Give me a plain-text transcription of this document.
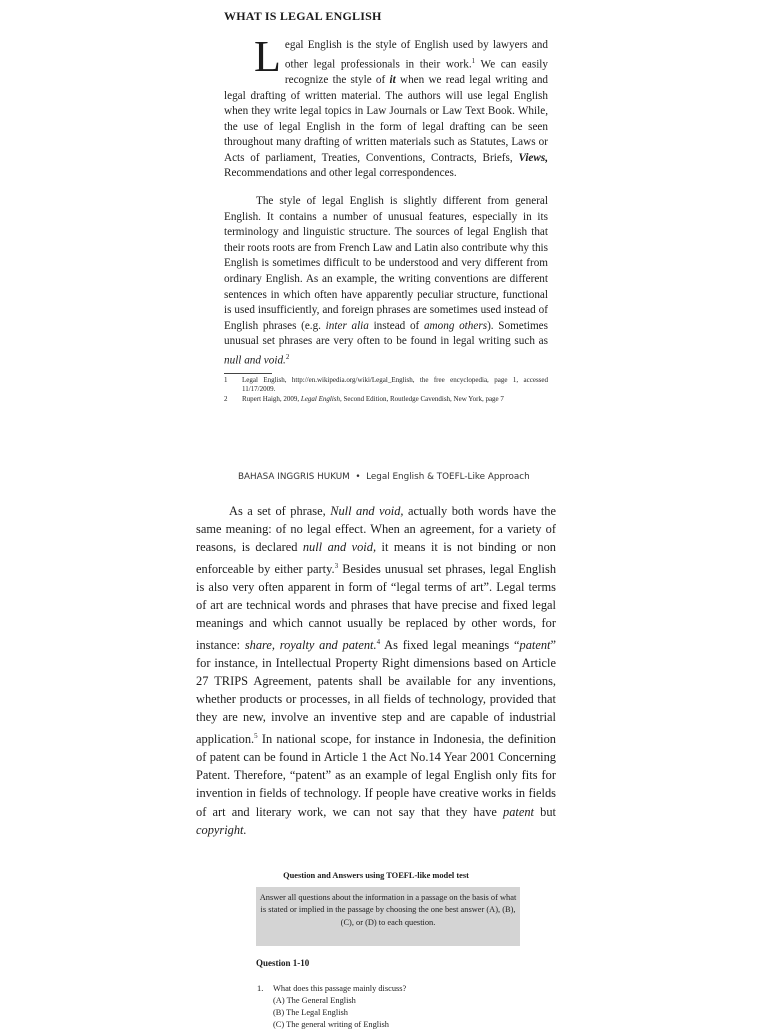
WHAT IS LEGAL ENGLISH

Legal English is the style of English used by lawyers and other legal professionals in their work.$^1$ We can easily recognize the style of it when we read legal writing and legal drafting of written material. The authors will use legal English when they write legal topics in Law Journals or Law Text Book. While, the use of legal English in the form of legal drafting can be seen throughout many drafting of written materials such as Statutes, Laws or Acts of parliament, Treaties, Conventions, Contracts, Briefs, Views, Recommendations and other legal correspondences.

The style of legal English is slightly different from general English. It contains a number of unusual features, especially in its terminology and linguistic structure. The sources of legal English that their roots roots are from French Law and Latin also contribute why this English is sometimes difficult to be understood and very different from ordinary English. As an example, the writing conventions are different sentences in which often have apparently peculiar structure, functional is used insufficiently, and foreign phrases are sometimes used instead of English phrases (e.g. inter alia instead of among others). Sometimes unusual set phrases are very often to be found in legal writing such as null and void.$^2$

1	Legal English, http://en.wikipedia.org/wiki/Legal_English, the free encyclopedia, page 1, accessed 11/17/2009.
2	Rupert Haigh, 2009, Legal English, Second Edition, Routledge Cavendish, New York, page 7
BAHASA INGGRIS HUKUM  •  Legal English & TOEFL-Like Approach

As a set of phrase, Null and void, actually both words have the same meaning: of no legal effect. When an agreement, for a variety of reasons, is declared null and void, it means it is not binding or non enforceable by either party.$^3$ Besides unusual set phrases, legal English is also very often apparent in form of “legal terms of art”. Legal terms of art are technical words and phrases that have precise and fixed legal meanings and which cannot usually be replaced by other words, for instance: share, royalty and patent.$^4$ As fixed legal meanings “patent” for instance, in Intellectual Property Right dimensions based on Article 27 TRIPS Agreement, patents shall be available for any inventions, whether products or processes, in all fields of technology, provided that they are new, involve an inventive step and are capable of industrial application.$^5$ In national scope, for instance in Indonesia, the definition of patent can be found in Article 1 the Act No.14 Year 2001 Concerning Patent. Therefore, “patent” as an example of legal English only fits for invention in fields of technology. If people have creative works in fields of art and literary work, we can not say that they have patent but copyright.

Question and Answers using TOEFL-like model test
Answer all questions about the information in a passage on the basis of what is stated or implied in the passage by choosing the one best answer (A), (B), (C), or (D) to each question.
Question 1-10
1. What does this passage mainly discuss?
(A) The General English
(B) The Legal English
(C) The general writing of English
